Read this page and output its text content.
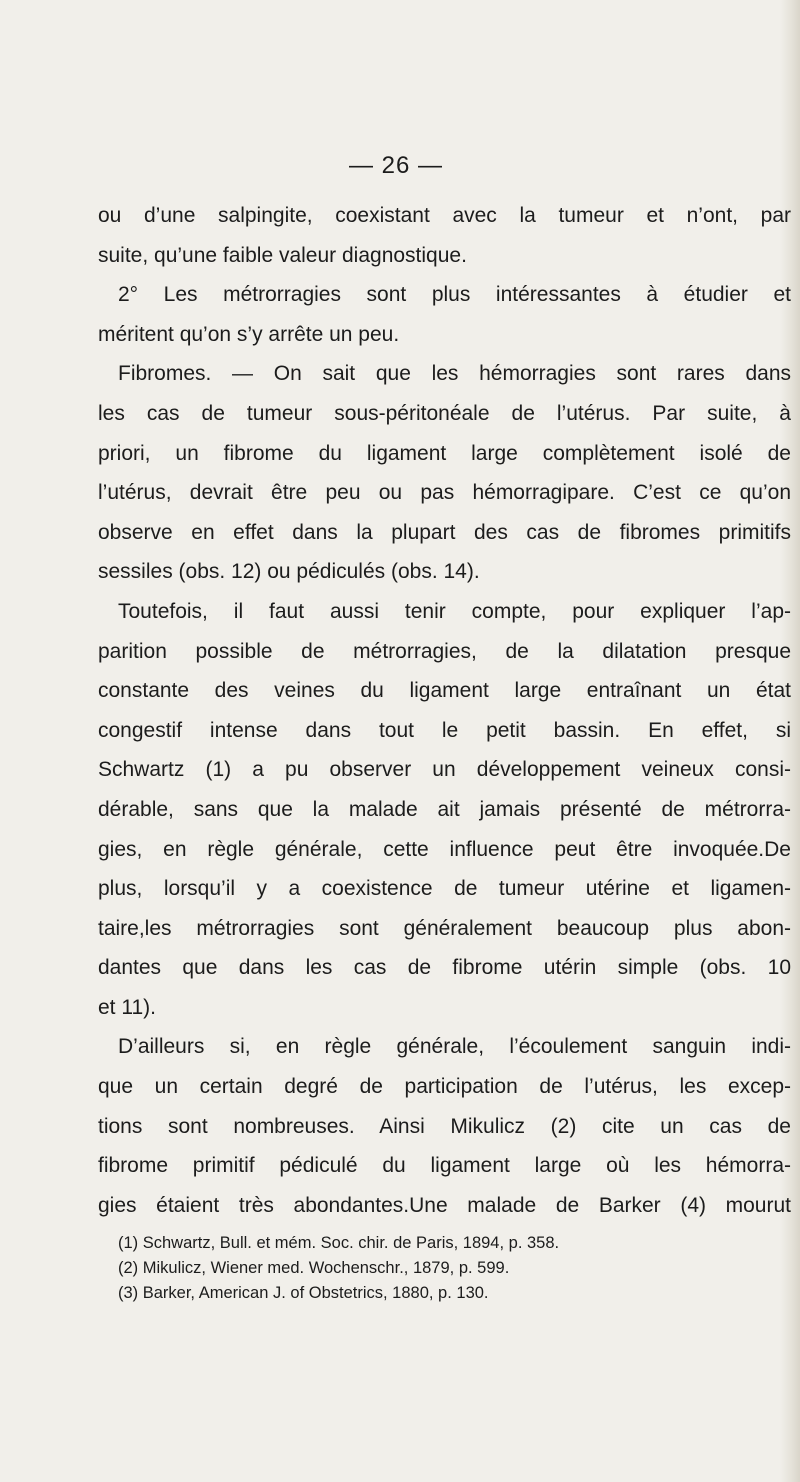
— 26 —
ou d’une salpingite, coexistant avec la tumeur et n’ont, par
suite, qu’une faible valeur diagnostique.
2° Les métrorragies sont plus intéressantes à étudier et
méritent qu’on s’y arrête un peu.
Fibromes. — On sait que les hémorragies sont rares dans
les cas de tumeur sous-péritonéale de l’utérus. Par suite, à
priori, un fibrome du ligament large complètement isolé de
l’utérus, devrait être peu ou pas hémorragipare. C’est ce qu’on
observe en effet dans la plupart des cas de fibromes primitifs
sessiles (obs. 12) ou pédiculés (obs. 14).
Toutefois, il faut aussi tenir compte, pour expliquer l’ap-
parition possible de métrorragies, de la dilatation presque
constante des veines du ligament large entraînant un état
congestif intense dans tout le petit bassin. En effet, si
Schwartz (1) a pu observer un développement veineux consi-
dérable, sans que la malade ait jamais présenté de métrorra-
gies, en règle générale, cette influence peut être invoquée.De
plus, lorsqu’il y a coexistence de tumeur utérine et ligamen-
taire,les métrorragies sont généralement beaucoup plus abon-
dantes que dans les cas de fibrome utérin simple (obs. 10
et 11).
D’ailleurs si, en règle générale, l’écoulement sanguin indi-
que un certain degré de participation de l’utérus, les excep-
tions sont nombreuses. Ainsi Mikulicz (2) cite un cas de
fibrome primitif pédiculé du ligament large où les hémorra-
gies étaient très abondantes.Une malade de Barker (4) mourut
(1) Schwartz, Bull. et mém. Soc. chir. de Paris, 1894, p. 358.
(2) Mikulicz, Wiener med. Wochenschr., 1879, p. 599.
(3) Barker, American J. of Obstetrics, 1880, p. 130.
